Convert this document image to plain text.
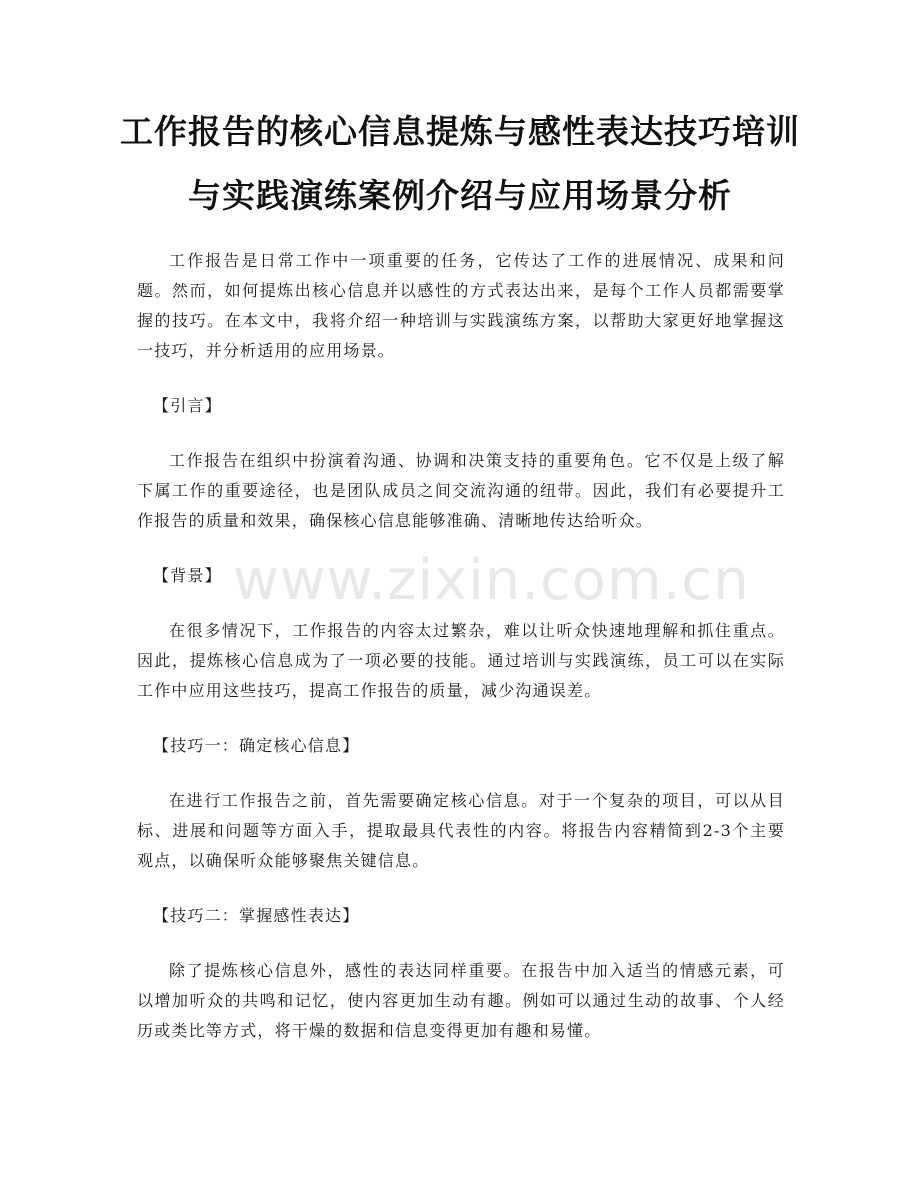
工作报告的核心信息提炼与感性表达技巧培训与实践演练案例介绍与应用场景分析

工作报告是日常工作中一项重要的任务，它传达了工作的进展情况、成果和问题。然而，如何提炼出核心信息并以感性的方式表达出来，是每个工作人员都需要掌握的技巧。在本文中，我将介绍一种培训与实践演练方案，以帮助大家更好地掌握这一技巧，并分析适用的应用场景。

【引言】

工作报告在组织中扮演着沟通、协调和决策支持的重要角色。它不仅是上级了解下属工作的重要途径，也是团队成员之间交流沟通的纽带。因此，我们有必要提升工作报告的质量和效果，确保核心信息能够准确、清晰地传达给听众。

【背景】

在很多情况下，工作报告的内容太过繁杂，难以让听众快速地理解和抓住重点。因此，提炼核心信息成为了一项必要的技能。通过培训与实践演练，员工可以在实际工作中应用这些技巧，提高工作报告的质量，减少沟通误差。

【技巧一：确定核心信息】

在进行工作报告之前，首先需要确定核心信息。对于一个复杂的项目，可以从目标、进展和问题等方面入手，提取最具代表性的内容。将报告内容精简到2-3个主要观点，以确保听众能够聚焦关键信息。

【技巧二：掌握感性表达】

除了提炼核心信息外，感性的表达同样重要。在报告中加入适当的情感元素，可以增加听众的共鸣和记忆，使内容更加生动有趣。例如可以通过生动的故事、个人经历或类比等方式，将干燥的数据和信息变得更加有趣和易懂。

www.zixin.com.cn
